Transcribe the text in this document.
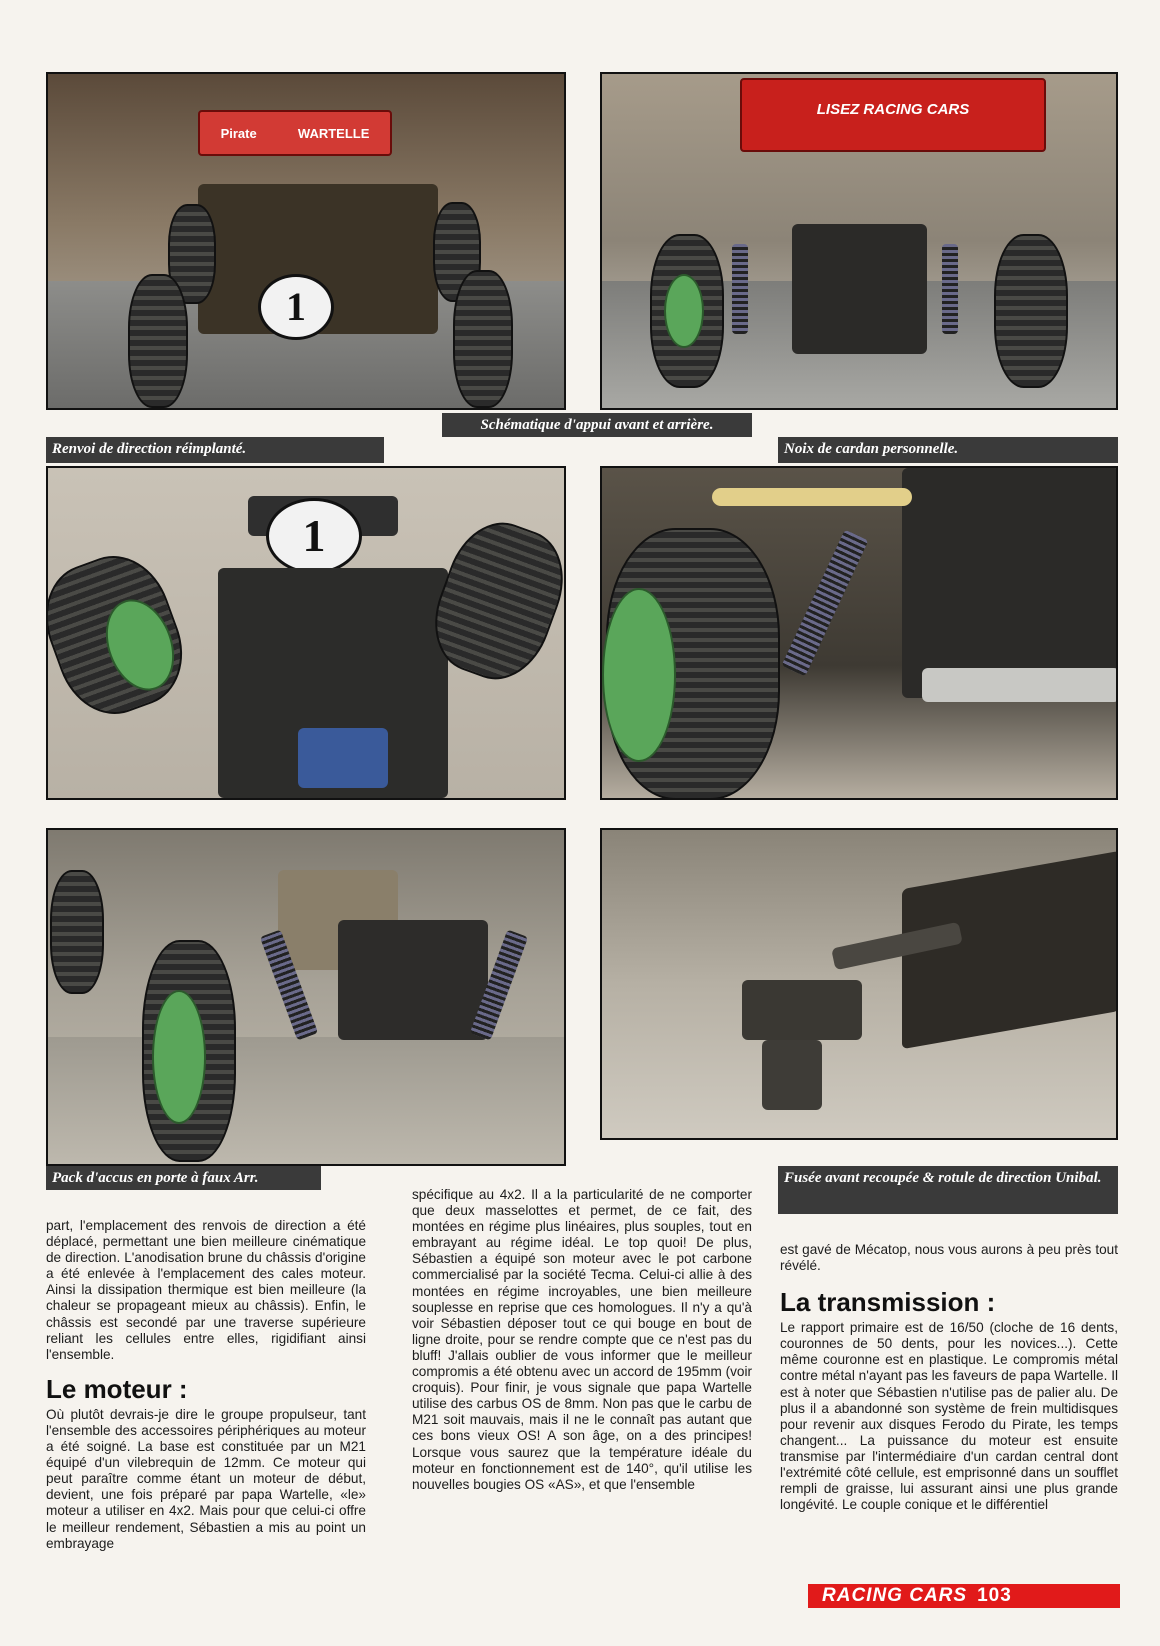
Pirate	WARTELLE
1
LISEZ RACING CARS
Schématique d'appui avant et arrière.
Renvoi de direction réimplanté.	Noix de cardan personnelle.
1
Pack d'accus en porte à faux Arr.	Fusée avant recoupée & rotule de direction Unibal.

part, l'emplacement des renvois de direction a été déplacé, permettant une bien meilleure cinématique de direction. L'anodisation brune du châssis d'origine a été enlevée à l'emplacement des cales moteur. Ainsi la dissipation thermique est bien meilleure (la chaleur se propageant mieux au châssis). Enfin, le châssis est secondé par une traverse supérieure reliant les cellules entre elles, rigidifiant ainsi l'ensemble.

Le moteur :

Où plutôt devrais-je dire le groupe propulseur, tant l'ensemble des accessoires périphériques au moteur a été soigné. La base est constituée par un M21 équipé d'un vilebrequin de 12mm. Ce moteur qui peut paraître comme étant un moteur de début, devient, une fois préparé par papa Wartelle, «le» moteur a utiliser en 4x2. Mais pour que celui-ci offre le meilleur rendement, Sébastien a mis au point un embrayage

spécifique au 4x2. Il a la particularité de ne comporter que deux masselottes et permet, de ce fait, des montées en régime plus linéaires, plus souples, tout en embrayant au régime idéal. Le top quoi! De plus, Sébastien a équipé son moteur avec le pot carbone commercialisé par la société Tecma. Celui-ci allie à des montées en régime incroyables, une bien meilleure souplesse en reprise que ces homologues. Il n'y a qu'à voir Sébastien déposer tout ce qui bouge en bout de ligne droite, pour se rendre compte que ce n'est pas du bluff! J'allais oublier de vous informer que le meilleur compromis a été obtenu avec un accord de 195mm (voir croquis). Pour finir, je vous signale que papa Wartelle utilise des carbus OS de 8mm. Non pas que le carbu de M21 soit mauvais, mais il ne le connaît pas autant que ces bons vieux OS! A son âge, on a des principes! Lorsque vous saurez que la température idéale du moteur en fonctionnement est de 140°, qu'il utilise les nouvelles bougies OS «AS», et que l'ensemble

est gavé de Mécatop, nous vous aurons à peu près tout révélé.

La transmission :

Le rapport primaire est de 16/50 (cloche de 16 dents, couronnes de 50 dents, pour les novices...). Cette même couronne est en plastique. Le compromis métal contre métal n'ayant pas les faveurs de papa Wartelle. Il est à noter que Sébastien n'utilise pas de palier alu. De plus il a abandonné son système de frein multidisques pour revenir aux disques Ferodo du Pirate, les temps changent... La puissance du moteur est ensuite transmise par l'intermédiaire d'un cardan central dont l'extrémité côté cellule, est emprisonné dans un soufflet rempli de graisse, lui assurant ainsi une plus grande longévité. Le couple conique et le différentiel

RACING CARS 103
